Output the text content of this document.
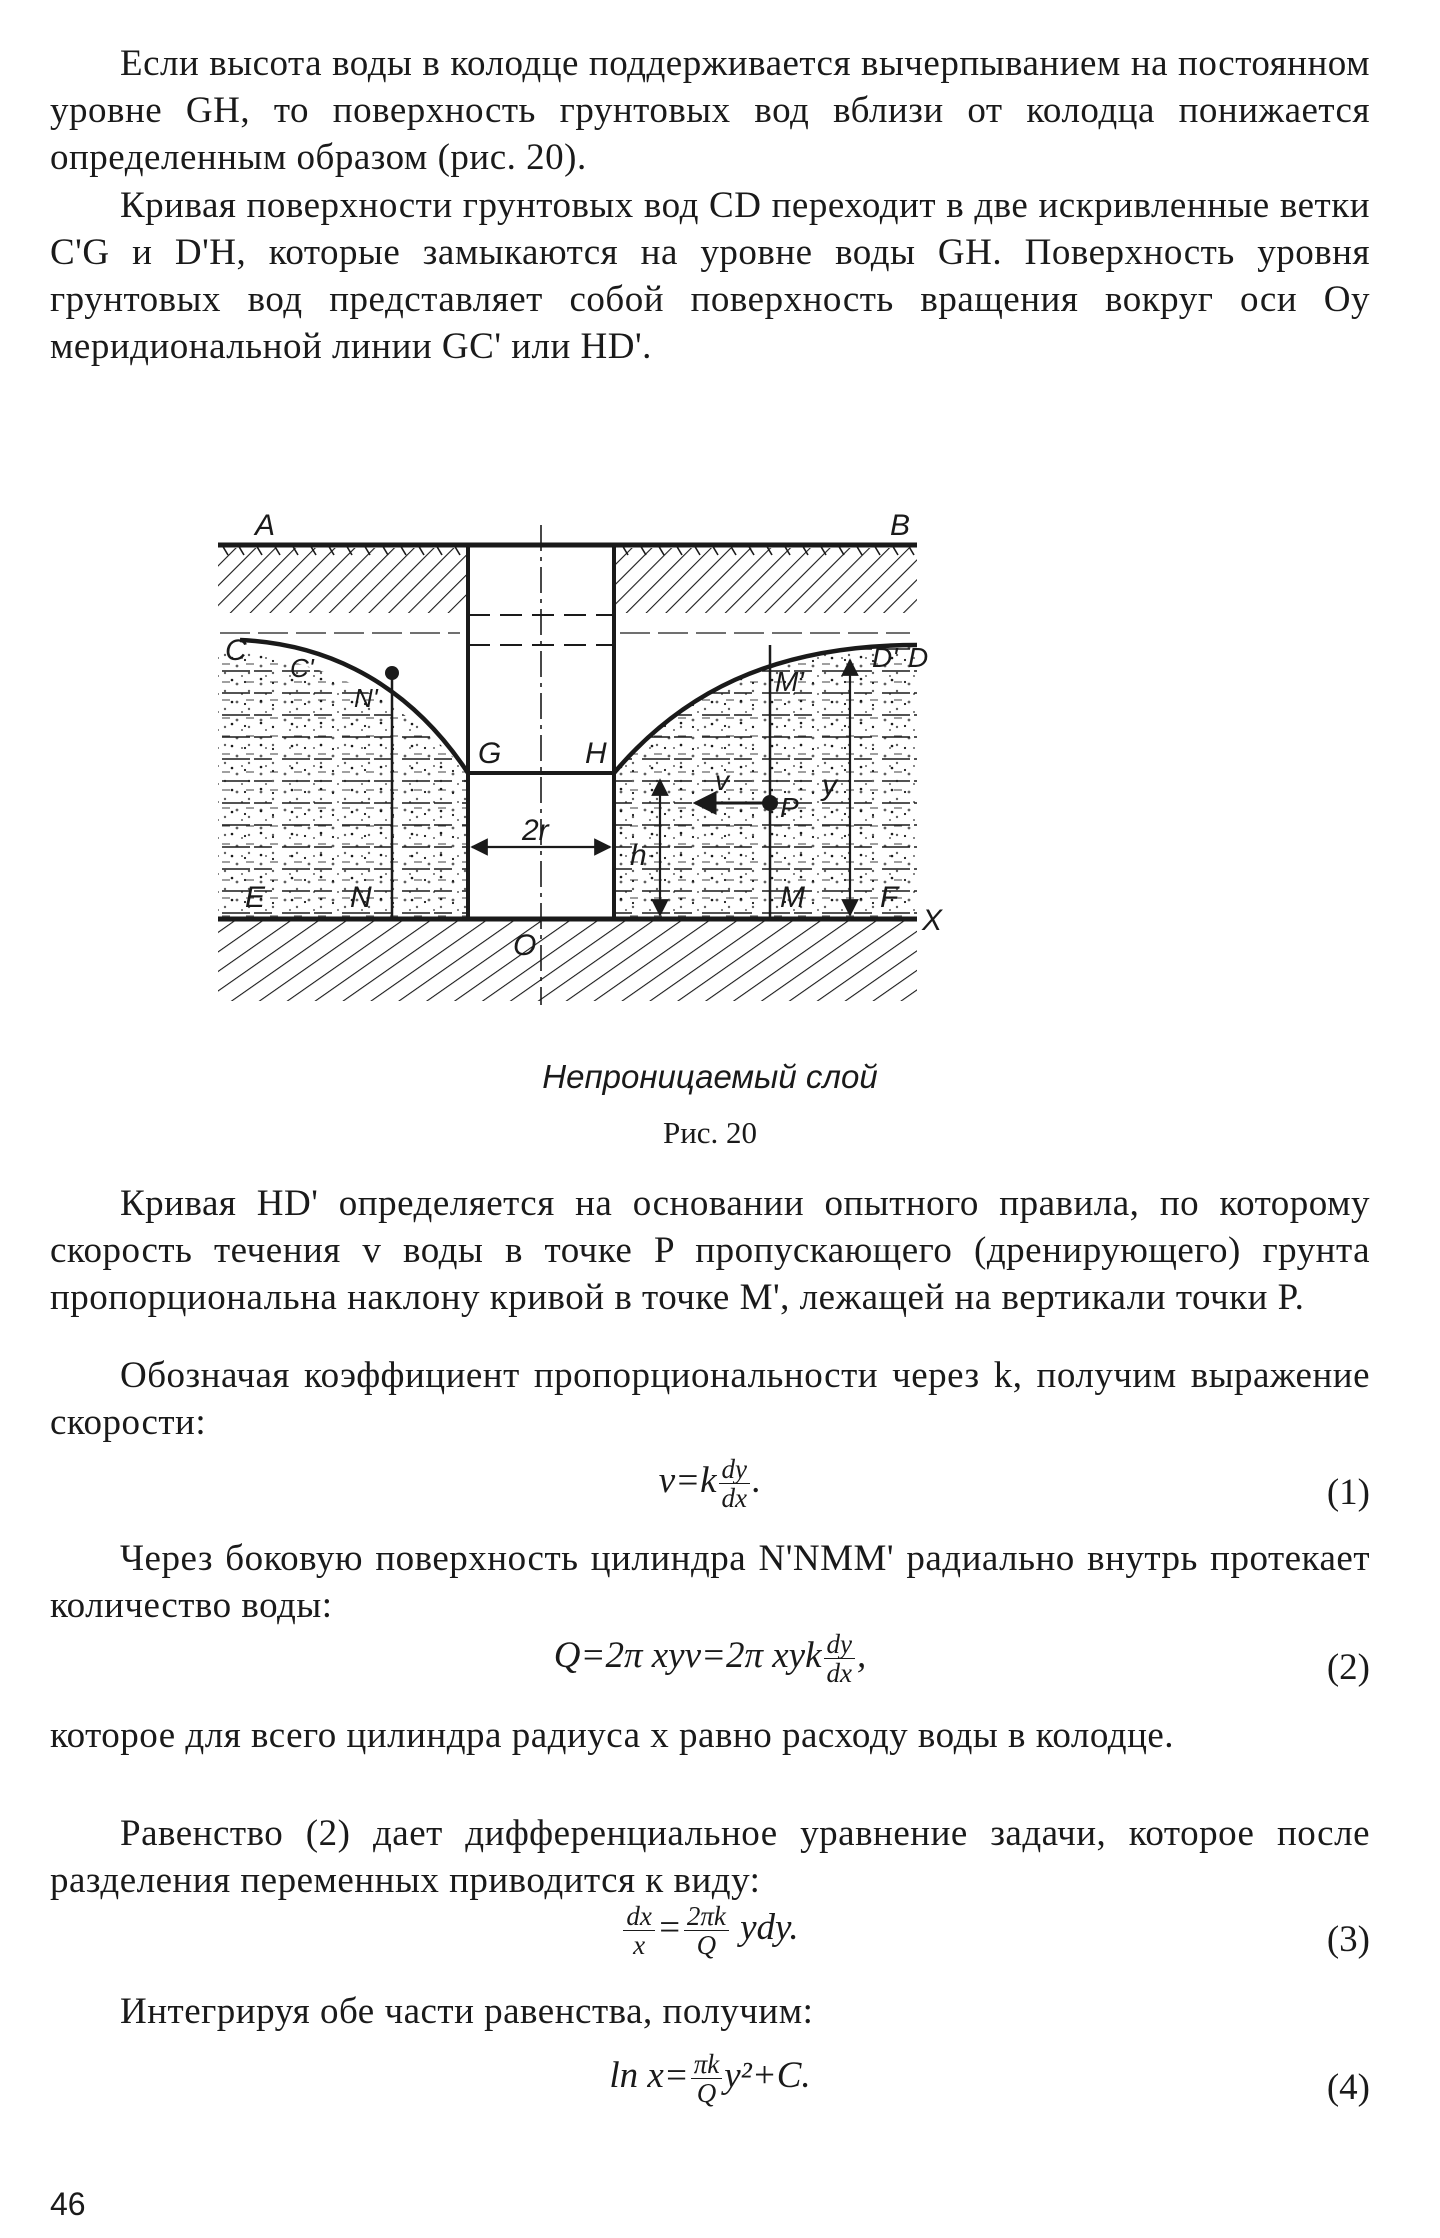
Если высота воды в колодце поддерживается вычерпыванием на постоянном уровне GH, то поверхность грунтовых вод вблизи от колодца понижается определенным образом (рис. 20).

Кривая поверхности грунтовых вод CD переходит в две искривленные ветки C'G и D'H, которые замыкаются на уровне воды GH. Поверхность уровня грунтовых вод представляет собой поверхность вращения вокруг оси Oy меридиональной линии GC' или HD'.

A	B
C
C'
N'
G	H
D' D
M'
v
P
y
h
2r
E	N	M	F
X
O
Непроницаемый слой
Рис. 20

Кривая HD' определяется на основании опытного правила, по которому скорость течения v воды в точке P пропускающего (дренирующего) грунта пропорциональна наклону кривой в точке M', лежащей на вертикали точки P.

Обозначая коэффициент пропорциональности через k, получим выражение скорости:

$v=k \frac{dy}{dx}$ .	(1)

Через боковую поверхность цилиндра N'NMM' радиально внутрь протекает количество воды:

Q=2π xyv=2π xyk $\frac{dy}{dx}$ ,	(2)

которое для всего цилиндра радиуса x равно расходу воды в колодце.

Равенство (2) дает дифференциальное уравнение задачи, которое после разделения переменных приводится к виду:

$\frac{dx}{x} = \frac{2\pi k}{Q}$ ydy.	(3)

Интегрируя обе части равенства, получим:

$\ln x= \frac{\pi k}{Q} y^2+C$.	(4)
46
